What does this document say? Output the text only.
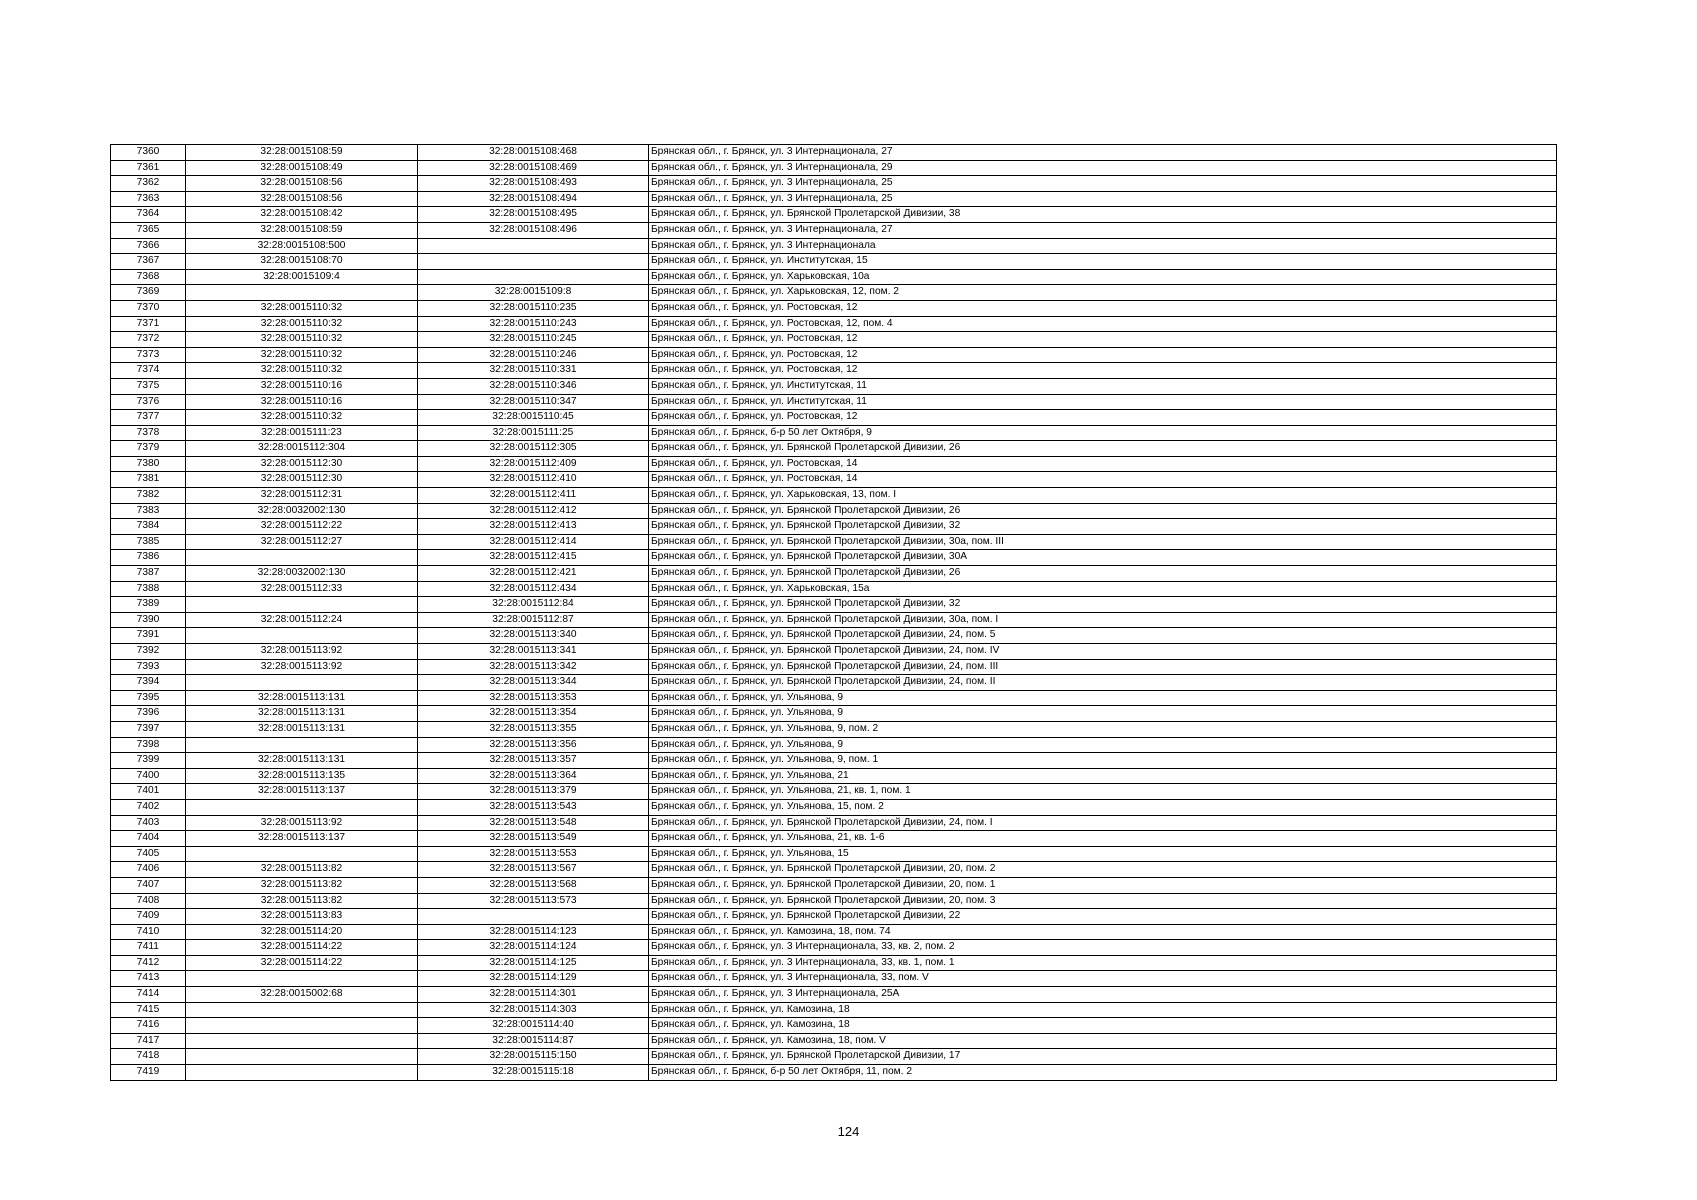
7360	32:28:0015108:59	32:28:0015108:468	Брянская обл., г. Брянск, ул. 3 Интернационала, 27
7361	32:28:0015108:49	32:28:0015108:469	Брянская обл., г. Брянск, ул. 3 Интернационала, 29
7362	32:28:0015108:56	32:28:0015108:493	Брянская обл., г. Брянск, ул. 3 Интернационала, 25
7363	32:28:0015108:56	32:28:0015108:494	Брянская обл., г. Брянск, ул. 3 Интернационала, 25
7364	32:28:0015108:42	32:28:0015108:495	Брянская обл., г. Брянск, ул. Брянской Пролетарской Дивизии, 38
7365	32:28:0015108:59	32:28:0015108:496	Брянская обл., г. Брянск, ул. 3 Интернационала, 27
7366	32:28:0015108:500		Брянская обл., г. Брянск, ул. 3 Интернационала
7367	32:28:0015108:70		Брянская обл., г. Брянск, ул. Институтская, 15
7368	32:28:0015109:4		Брянская обл., г. Брянск, ул. Харьковская, 10а
7369		32:28:0015109:8	Брянская обл., г. Брянск, ул. Харьковская, 12, пом. 2
7370	32:28:0015110:32	32:28:0015110:235	Брянская обл., г. Брянск, ул. Ростовская, 12
7371	32:28:0015110:32	32:28:0015110:243	Брянская обл., г. Брянск, ул. Ростовская, 12, пом. 4
7372	32:28:0015110:32	32:28:0015110:245	Брянская обл., г. Брянск, ул. Ростовская, 12
7373	32:28:0015110:32	32:28:0015110:246	Брянская обл., г. Брянск, ул. Ростовская, 12
7374	32:28:0015110:32	32:28:0015110:331	Брянская обл., г. Брянск, ул. Ростовская, 12
7375	32:28:0015110:16	32:28:0015110:346	Брянская обл., г. Брянск, ул. Институтская, 11
7376	32:28:0015110:16	32:28:0015110:347	Брянская обл., г. Брянск, ул. Институтская, 11
7377	32:28:0015110:32	32:28:0015110:45	Брянская обл., г. Брянск, ул. Ростовская, 12
7378	32:28:0015111:23	32:28:0015111:25	Брянская обл., г. Брянск, б-р 50 лет Октября, 9
7379	32:28:0015112:304	32:28:0015112:305	Брянская обл., г. Брянск, ул. Брянской Пролетарской Дивизии, 26
7380	32:28:0015112:30	32:28:0015112:409	Брянская обл., г. Брянск, ул. Ростовская, 14
7381	32:28:0015112:30	32:28:0015112:410	Брянская обл., г. Брянск, ул. Ростовская, 14
7382	32:28:0015112:31	32:28:0015112:411	Брянская обл., г. Брянск, ул. Харьковская, 13, пом. I
7383	32:28:0032002:130	32:28:0015112:412	Брянская обл., г. Брянск, ул. Брянской Пролетарской Дивизии, 26
7384	32:28:0015112:22	32:28:0015112:413	Брянская обл., г. Брянск, ул. Брянской Пролетарской Дивизии, 32
7385	32:28:0015112:27	32:28:0015112:414	Брянская обл., г. Брянск, ул. Брянской Пролетарской Дивизии, 30а, пом. III
7386		32:28:0015112:415	Брянская обл., г. Брянск, ул. Брянской Пролетарской Дивизии, 30А
7387	32:28:0032002:130	32:28:0015112:421	Брянская обл., г. Брянск, ул. Брянской Пролетарской Дивизии, 26
7388	32:28:0015112:33	32:28:0015112:434	Брянская обл., г. Брянск, ул. Харьковская, 15а
7389		32:28:0015112:84	Брянская обл., г. Брянск, ул. Брянской Пролетарской Дивизии, 32
7390	32:28:0015112:24	32:28:0015112:87	Брянская обл., г. Брянск, ул. Брянской Пролетарской Дивизии, 30а, пом. I
7391		32:28:0015113:340	Брянская обл., г. Брянск, ул. Брянской Пролетарской Дивизии, 24, пом. 5
7392	32:28:0015113:92	32:28:0015113:341	Брянская обл., г. Брянск, ул. Брянской Пролетарской Дивизии, 24, пом. IV
7393	32:28:0015113:92	32:28:0015113:342	Брянская обл., г. Брянск, ул. Брянской Пролетарской Дивизии, 24, пом. III
7394		32:28:0015113:344	Брянская обл., г. Брянск, ул. Брянской Пролетарской Дивизии, 24, пом. II
7395	32:28:0015113:131	32:28:0015113:353	Брянская обл., г. Брянск, ул. Ульянова, 9
7396	32:28:0015113:131	32:28:0015113:354	Брянская обл., г. Брянск, ул. Ульянова, 9
7397	32:28:0015113:131	32:28:0015113:355	Брянская обл., г. Брянск, ул. Ульянова, 9, пом. 2
7398		32:28:0015113:356	Брянская обл., г. Брянск, ул. Ульянова, 9
7399	32:28:0015113:131	32:28:0015113:357	Брянская обл., г. Брянск, ул. Ульянова, 9, пом. 1
7400	32:28:0015113:135	32:28:0015113:364	Брянская обл., г. Брянск, ул. Ульянова, 21
7401	32:28:0015113:137	32:28:0015113:379	Брянская обл., г. Брянск, ул. Ульянова, 21, кв. 1, пом. 1
7402		32:28:0015113:543	Брянская обл., г. Брянск, ул. Ульянова, 15, пом. 2
7403	32:28:0015113:92	32:28:0015113:548	Брянская обл., г. Брянск, ул. Брянской Пролетарской Дивизии, 24, пом. I
7404	32:28:0015113:137	32:28:0015113:549	Брянская обл., г. Брянск, ул. Ульянова, 21, кв. 1-6
7405		32:28:0015113:553	Брянская обл., г. Брянск, ул. Ульянова, 15
7406	32:28:0015113:82	32:28:0015113:567	Брянская обл., г. Брянск, ул. Брянской Пролетарской Дивизии, 20, пом. 2
7407	32:28:0015113:82	32:28:0015113:568	Брянская обл., г. Брянск, ул. Брянской Пролетарской Дивизии, 20, пом. 1
7408	32:28:0015113:82	32:28:0015113:573	Брянская обл., г. Брянск, ул. Брянской Пролетарской Дивизии, 20, пом. 3
7409	32:28:0015113:83		Брянская обл., г. Брянск, ул. Брянской Пролетарской Дивизии, 22
7410	32:28:0015114:20	32:28:0015114:123	Брянская обл., г. Брянск, ул. Камозина, 18, пом. 74
7411	32:28:0015114:22	32:28:0015114:124	Брянская обл., г. Брянск, ул. 3 Интернационала, 33, кв. 2, пом. 2
7412	32:28:0015114:22	32:28:0015114:125	Брянская обл., г. Брянск, ул. 3 Интернационала, 33, кв. 1, пом. 1
7413		32:28:0015114:129	Брянская обл., г. Брянск, ул. 3 Интернационала, 33, пом. V
7414	32:28:0015002:68	32:28:0015114:301	Брянская обл., г. Брянск, ул. 3 Интернационала, 25А
7415		32:28:0015114:303	Брянская обл., г. Брянск, ул. Камозина, 18
7416		32:28:0015114:40	Брянская обл., г. Брянск, ул. Камозина, 18
7417		32:28:0015114:87	Брянская обл., г. Брянск, ул. Камозина, 18, пом. V
7418		32:28:0015115:150	Брянская обл., г. Брянск, ул. Брянской Пролетарской Дивизии, 17
7419		32:28:0015115:18	Брянская обл., г. Брянск, б-р 50 лет Октября, 11, пом. 2
124
